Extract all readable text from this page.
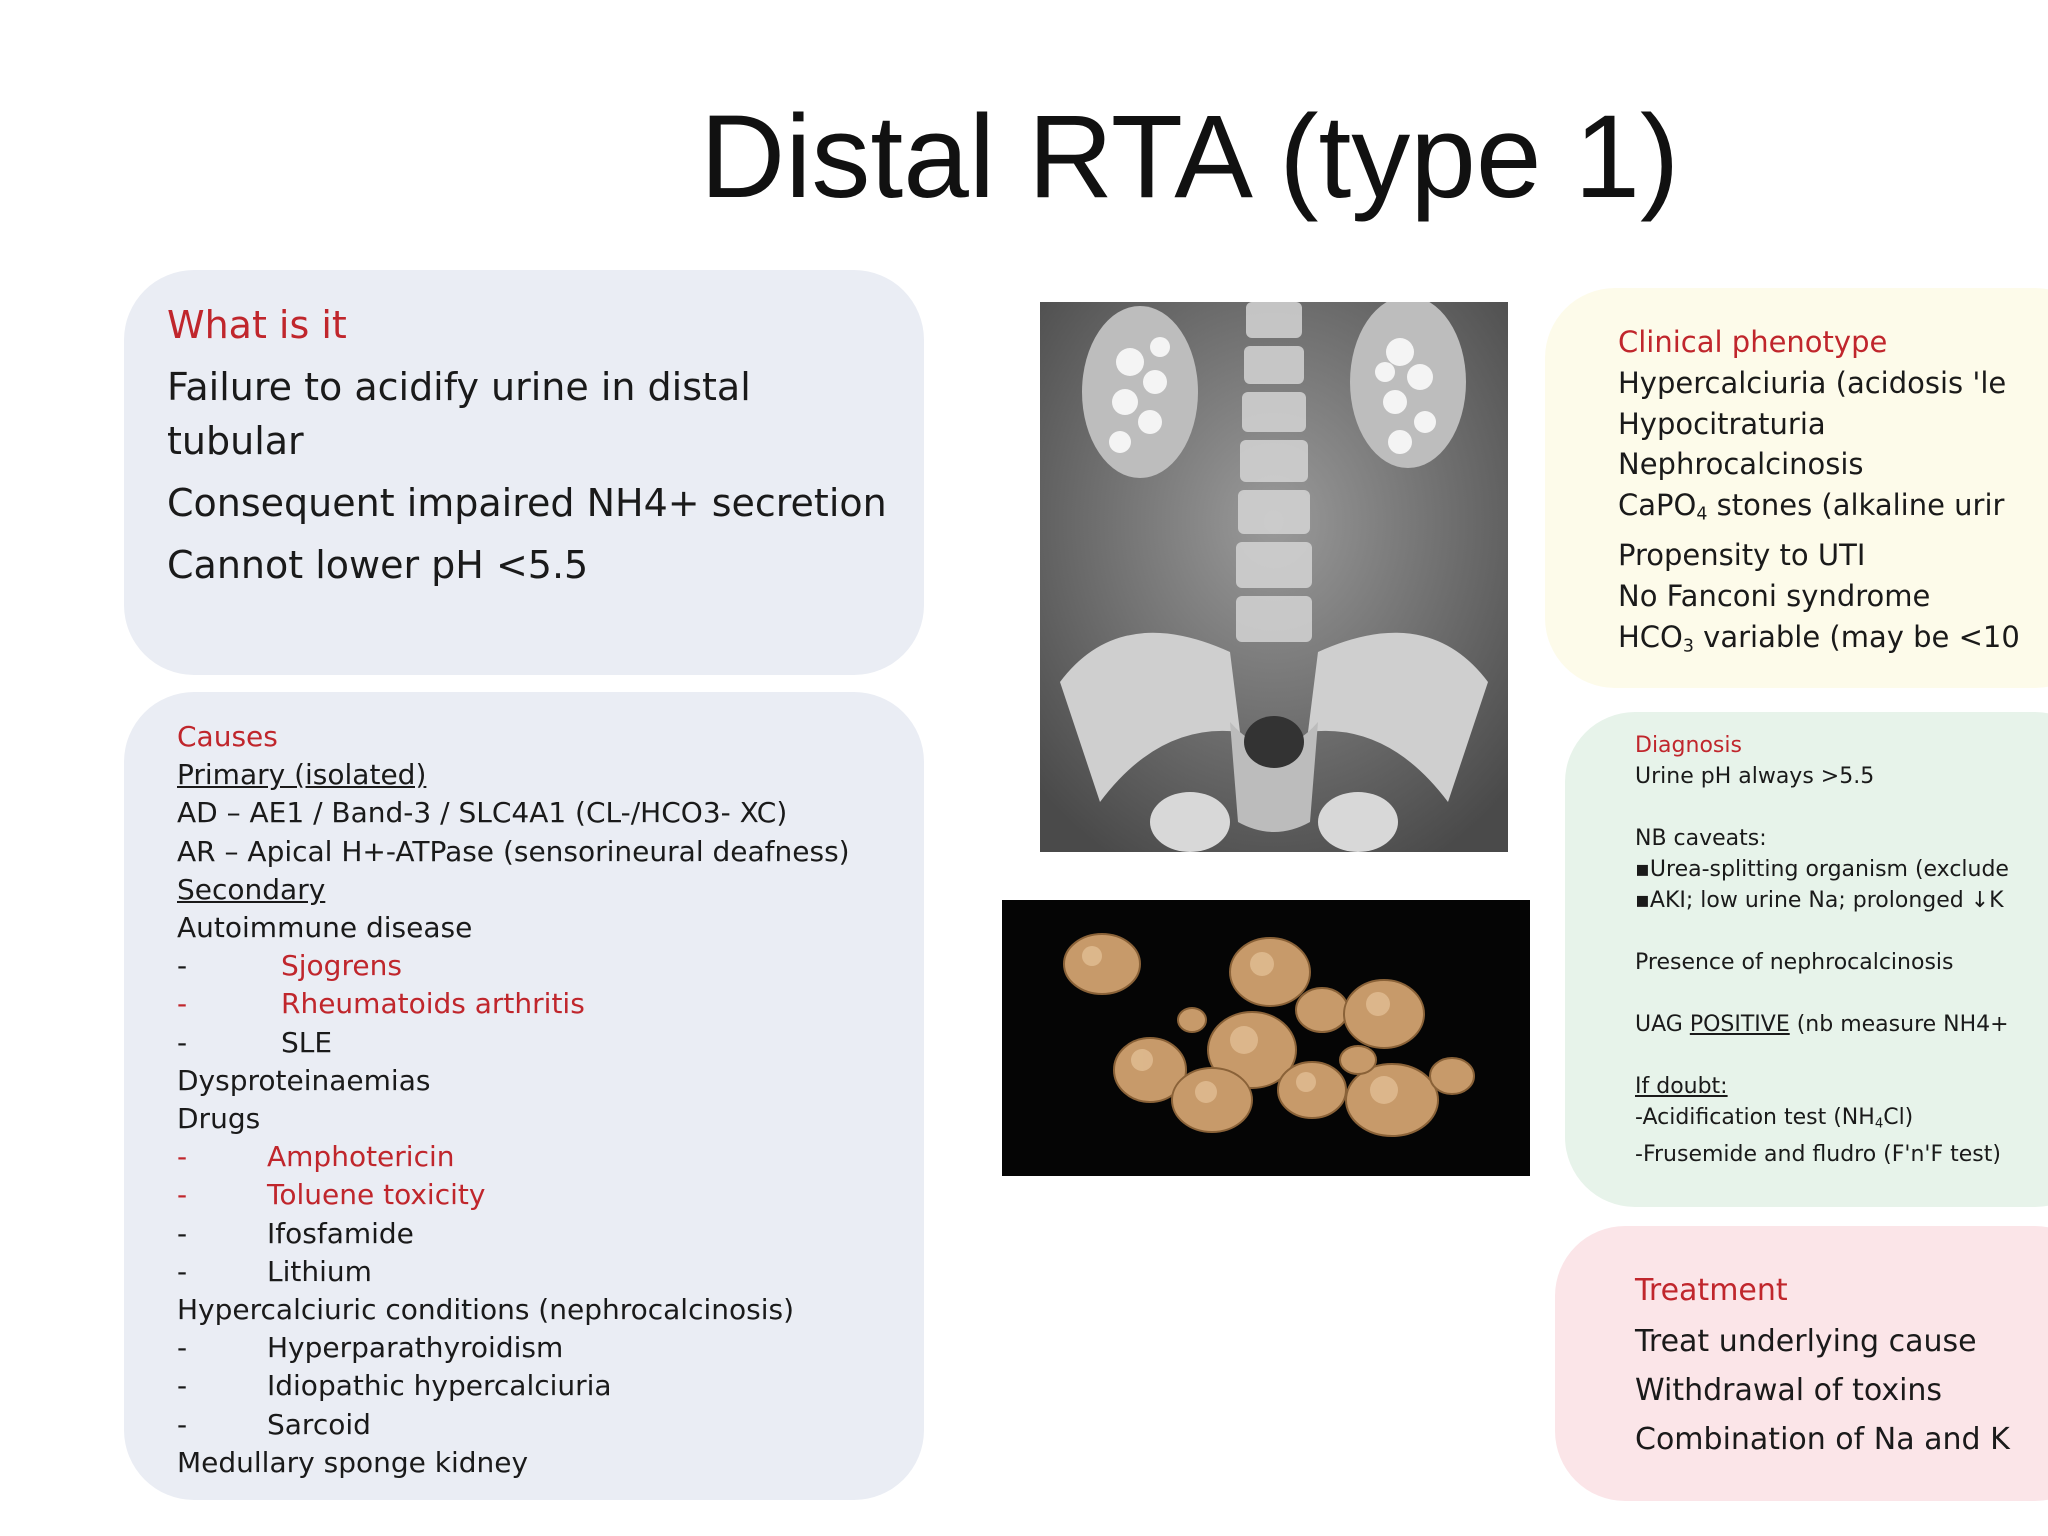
Distal RTA (type 1)
What is it
Failure to acidify urine in distal tubular
Consequent impaired NH4+ secretion
Cannot lower pH <5.5
Causes
Primary (isolated)
AD – AE1 / Band-3 / SLC4A1 (CL-/HCO3- XC)
AR – Apical H+-ATPase (sensorineural deafness)
Secondary
Autoimmune disease
-	Sjogrens
-	Rheumatoids arthritis
-	SLE
Dysproteinaemias
Drugs
-	Amphotericin
-	Toluene toxicity
-	Ifosfamide
-	Lithium
Hypercalciuric conditions (nephrocalcinosis)
-	Hyperparathyroidism
-	Idiopathic hypercalciuria
-	Sarcoid
Medullary sponge kidney
Clinical phenotype
Hypercalciuria (acidosis 'le
Hypocitraturia
Nephrocalcinosis
CaPO$_4$ stones (alkaline urir
Propensity to UTI
No Fanconi syndrome
$HCO_3$ variable (may be <10
Diagnosis
Urine pH always >5.5
NB caveats:
▪Urea-splitting organism (exclude
▪AKI; low urine Na; prolonged ↓K
Presence of nephrocalcinosis
UAG POSITIVE (nb measure NH4+
If doubt:
-Acidification test $(NH_4Cl)$
-Frusemide and fludro (F'n'F test)
Treatment
Treat underlying cause
Withdrawal of toxins
Combination of Na and K
